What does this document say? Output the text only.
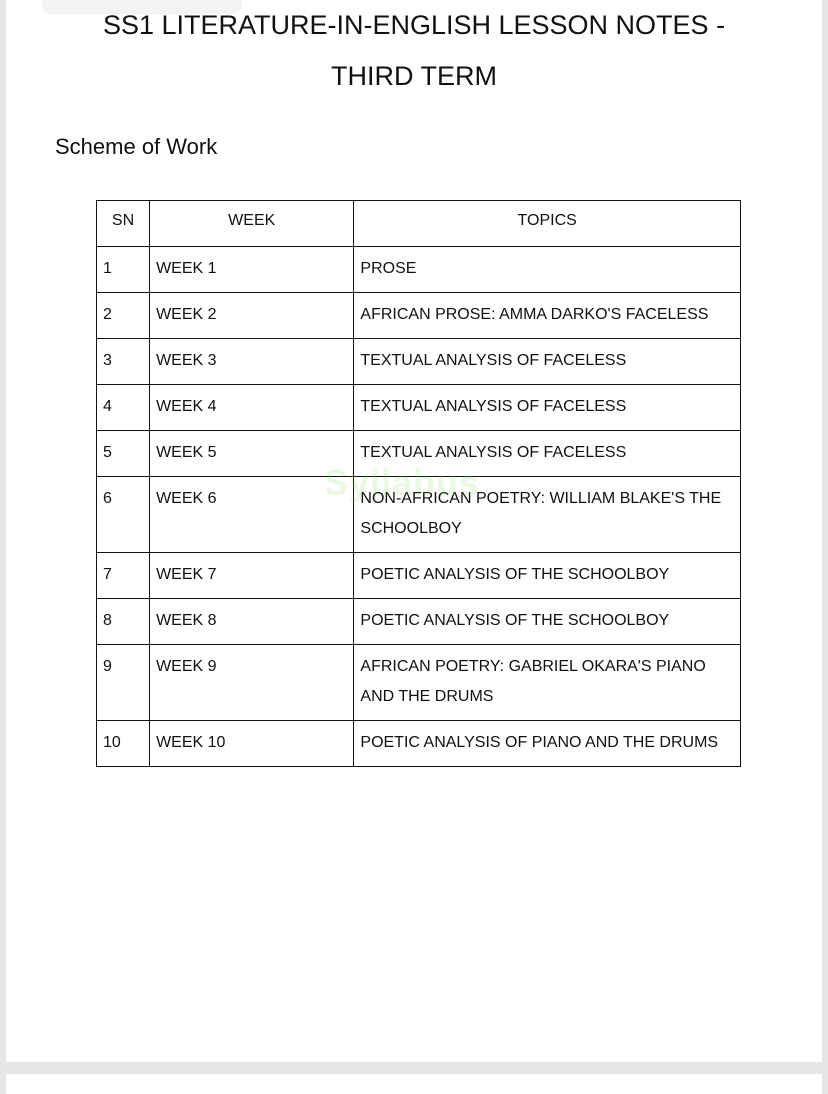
SS1 LITERATURE-IN-ENGLISH LESSON NOTES -
THIRD TERM
Scheme of Work
SN	WEEK	TOPICS
1	WEEK 1	PROSE
2	WEEK 2	AFRICAN PROSE: AMMA DARKO'S FACELESS
3	WEEK 3	TEXTUAL ANALYSIS OF FACELESS
4	WEEK 4	TEXTUAL ANALYSIS OF FACELESS
5	WEEK 5	TEXTUAL ANALYSIS OF FACELESS
6	WEEK 6	NON-AFRICAN POETRY: WILLIAM BLAKE'S THE SCHOOLBOY
7	WEEK 7	POETIC ANALYSIS OF THE SCHOOLBOY
8	WEEK 8	POETIC ANALYSIS OF THE SCHOOLBOY
9	WEEK 9	AFRICAN POETRY: GABRIEL OKARA'S PIANO AND THE DRUMS
10	WEEK 10	POETIC ANALYSIS OF PIANO AND THE DRUMS
Syllabus
